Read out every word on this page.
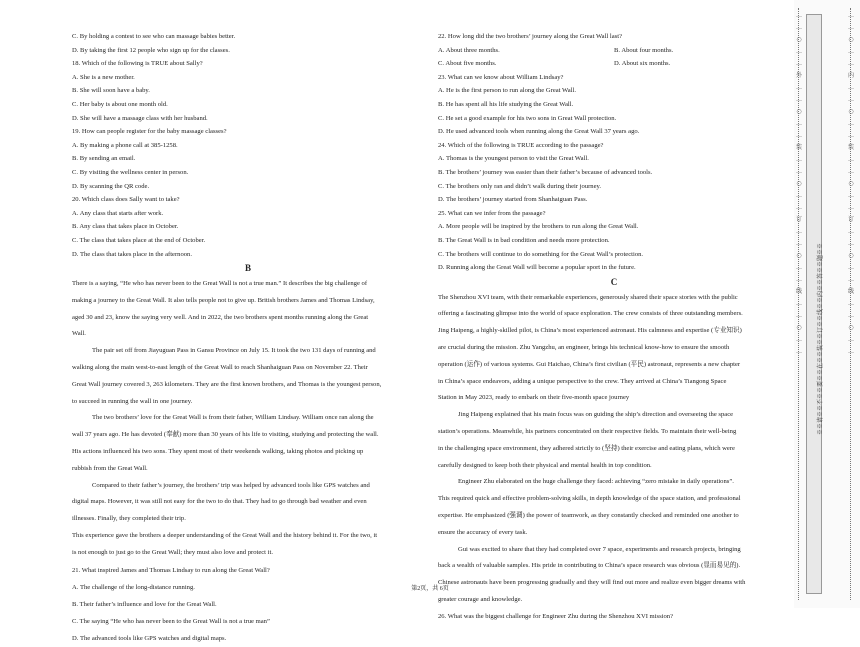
C. By holding a contest to see who can massage babies better.
D. By taking the first 12 people who sign up for the classes.
18. Which of the following is TRUE about Sally?
A. She is a new mother.
B. She will soon have a baby.
C. Her baby is about one month old.
D. She will have a massage class with her husband.
19. How can people register for the baby massage classes?
A. By making a phone call at 385-1258.
B. By sending an email.
C. By visiting the wellness center in person.
D. By scanning the QR code.
20. Which class does Sally want to take?
A. Any class that starts after work.
B. Any class that takes place in October.
C. The class that takes place at the end of October.
D. The class that takes place in the afternoon.
B
There is a saying, “He who has never been to the Great Wall is not a true man.” It describes the big challenge of
making a journey to the Great Wall. It also tells people not to give up. British brothers James and Thomas Lindsay,
aged 30 and 23, know the saying very well. And in 2022, the two brothers spent months running along the Great
Wall.
The pair set off from Jiayuguan Pass in Gansu Province on July 15. It took the two 131 days of running and
walking along the main west-to-east length of the Great Wall to reach Shanhaiguan Pass on November 22. Their
Great Wall journey covered 3, 263 kilometers. They are the first known brothers, and Thomas is the youngest person,
to succeed in running the wall in one journey.
The two brothers’ love for the Great Wall is from their father, William Lindsay. William once ran along the
wall 37 years ago. He has devoted (奉献) more than 30 years of his life to visiting, studying and protecting the wall.
His actions influenced his two sons. They spent most of their weekends walking, taking photos and picking up
rubbish from the Great Wall.
Compared to their father’s journey, the brothers’ trip was helped by advanced tools like GPS watches and
digital maps. However, it was still not easy for the two to do that. They had to go through bad weather and even
illnesses. Finally, they completed their trip.
This experience gave the brothers a deeper understanding of the Great Wall and the history behind it. For the two, it
is not enough to just go to the Great Wall; they must also love and protect it.
21. What inspired James and Thomas Lindsay to run along the Great Wall?
A. The challenge of the long-distance running.
B. Their father’s influence and love for the Great Wall.
C. The saying “He who has never been to the Great Wall is not a true man”
D. The advanced tools like GPS watches and digital maps.
22. How long did the two brothers’ journey along the Great Wall last?
A. About three months.	B. About four months.
C. About five months.	D. About six months.
23. What can we know about William Lindsay?
A. He is the first person to run along the Great Wall.
B. He has spent all his life studying the Great Wall.
C. He set a good example for his two sons in Great Wall protection.
D. He used advanced tools when running along the Great Wall 37 years ago.
24. Which of the following is TRUE according to the passage?
A. Thomas is the youngest person to visit the Great Wall.
B. The brothers’ journey was easier than their father’s because of advanced tools.
C. The brothers only ran and didn’t walk during their journey.
D. The brothers’ journey started from Shanhaiguan Pass.
25. What can we infer from the passage?
A. More people will be inspired by the brothers to run along the Great Wall.
B. The Great Wall is in bad condition and needs more protection.
C. The brothers will continue to do something for the Great Wall’s protection.
D. Running along the Great Wall will become a popular sport in the future.
C
The Shenzhou XVI team, with their remarkable experiences, generously shared their space stories with the public
offering a fascinating glimpse into the world of space exploration. The crew consists of three outstanding members.
Jing Haipeng, a highly-skilled pilot, is China’s most experienced astronaut. His calmness and expertise (专业知识)
are crucial during the mission. Zhu Yangzhu, an engineer, brings his technical know-how to ensure the smooth
operation (运作) of various systems. Gui Haichao, China’s first civilian (平民) astronaut, represents a new chapter
in China’s space endeavors, adding a unique perspective to the crew. They arrived at China’s Tiangong Space
Station in May 2023, ready to embark on their five-month space journey
Jing Haipeng explained that his main focus was on guiding the ship’s direction and overseeing the space
station’s operations. Meanwhile, his partners concentrated on their respective fields. To maintain their well-being
in the challenging space environment, they adhered strictly to (坚持) their exercise and eating plans, which were
carefully designed to keep both their physical and mental health in top condition.
Engineer Zhu elaborated on the huge challenge they faced: achieving “zero mistake in daily operations”.
This required quick and effective problem-solving skills, in depth knowledge of the space station, and professional
expertise. He emphasized (强调) the power of teamwork, as they constantly checked and reminded one another to
ensure the accuracy of every task.
Gui was excited to share that they had completed over 7 space, experiments and research projects, bringing
back a wealth of valuable samples. His pride in contributing to China’s space research was obvious (显而易见的).
Chinese astronauts have been progressing gradually and they will find out more and realize even bigger dreams with
greater courage and knowledge.
26. What was the biggest challenge for Engineer Zhu during the Shenzhou XVI mission?
第2页，共 6页
…
…
○
…
…
外
…
…
○
…
…
装
…
…
○
…
…
订
…
…
○
…
…
线
…
…
○
…
…	※※请※※不※※要※※在※※装※※订※※线※※内※※答※※题※※
…
…
○
…
…
内
…
…
○
…
…
装
…
…
○
…
…
订
…
…
○
…
…
线
…
…
○
…
…
